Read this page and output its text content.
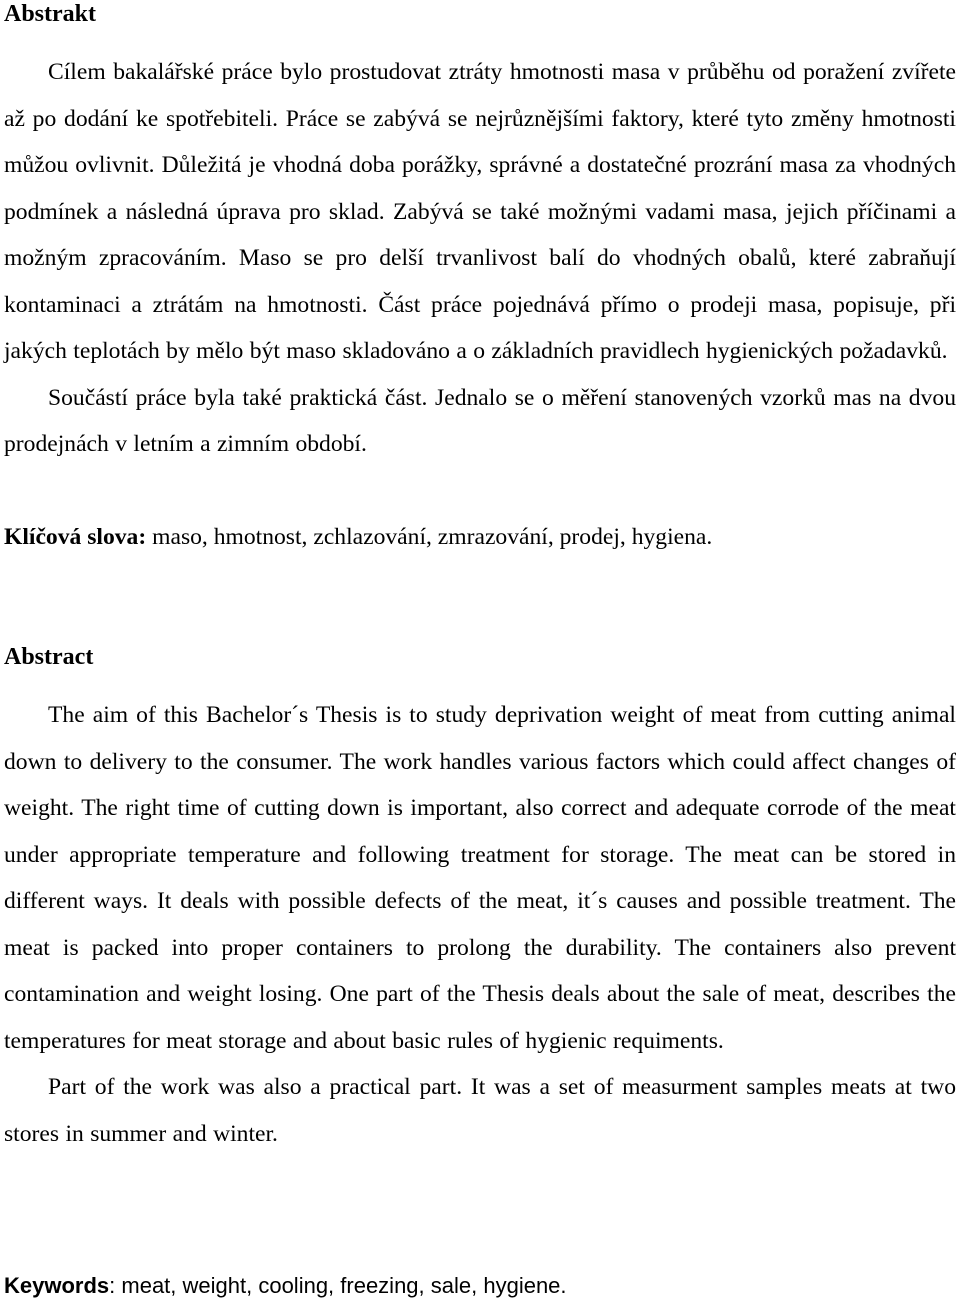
Abstrakt

Cílem bakalářské práce bylo prostudovat ztráty hmotnosti masa v průběhu od poražení zvířete až po dodání ke spotřebiteli. Práce se zabývá se nejrůznějšími faktory, které tyto změny hmotnosti můžou ovlivnit. Důležitá je vhodná doba porážky, správné a dostatečné prozrání masa za vhodných podmínek a následná úprava pro sklad. Zabývá se také možnými vadami masa, jejich příčinami a možným zpracováním. Maso se pro delší trvanlivost balí do vhodných obalů, které zabraňují kontaminaci a ztrátám na hmotnosti. Část práce pojednává přímo o prodeji masa, popisuje, při jakých teplotách by mělo být maso skladováno a o základních pravidlech hygienických požadavků.

Součástí práce byla také praktická část. Jednalo se o měření stanovených vzorků mas na dvou prodejnách v letním a zimním období.

Klíčová slova: maso, hmotnost, zchlazování, zmrazování, prodej, hygiena.

Abstract

The aim of this Bachelor´s Thesis is to study deprivation weight of meat from cutting animal down to delivery to the consumer. The work handles various factors which could affect changes of weight. The right time of cutting down is important, also correct and adequate corrode of the meat under appropriate temperature and following treatment for storage. The meat can be stored in different ways. It deals with possible defects of the meat, it´s causes and possible treatment. The meat is packed into proper containers to prolong the durability. The containers also prevent contamination and weight losing. One part of the Thesis deals about the sale of meat, describes the temperatures for meat storage and about basic rules of hygienic requiments.

Part of the work was also a practical part. It was a set of measurment samples meats at two stores in summer and winter.

Keywords: meat, weight, cooling, freezing, sale, hygiene.
